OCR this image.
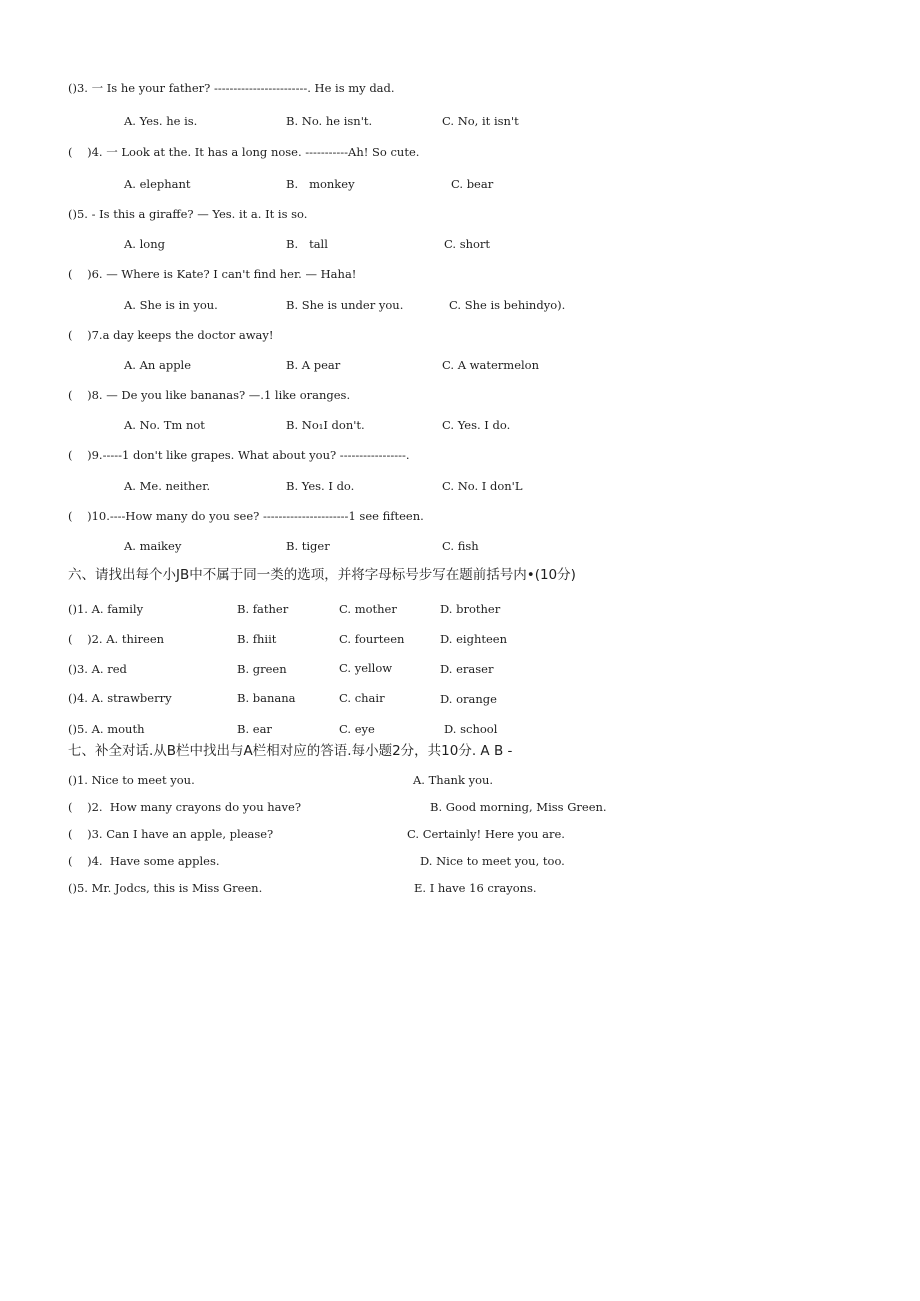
()3. 一 Is he your father? ------------------------. He is my dad.
A. Yes. he is.	B. No. he isn't.	C. No, it isn't
(    )4. 一 Look at the. It has a long nose. -----------Ah! So cute.
A. elephant	B.   monkey	C. bear
()5. - Is this a giraffe? — Yes. it a. It is so.
A. long	B.   tall	C. short
(    )6. — Where is Kate? I can't find her. — Haha!
A. She is in you.	B. She is under you.	C. She is behindyo).
(    )7.a day keeps the doctor away!
A. An apple	B. A pear	C. A watermelon
(    )8. — De you like bananas? —.1 like oranges.
A. No. Tm not	B. No₁I don't.	C. Yes. I do.
(    )9.-----1 don't like grapes. What about you? -----------------.
A. Me. neither.	B. Yes. I do.	C. No. I don'L
(    )10.----How many do you see? ----------------------1 see fifteen.
A. maikey	B. tiger	C. fish
六、请找出每个小JB中不属于同一类的选项，并将字母标号步写在题前括号内•(10分)
()1. A. family	B. father	C. mother	D. brother
(    )2. A. thireen	B. fhiit	C. fourteen	D. eighteen
()3. A. red	B. green	C. yellow	D. eraser
()4. A. strawberry	B. banana	C. chair	D. orange
()5. A. mouth	B. ear	C. eye	D. school
七、补全对话.从B栏中找出与A栏相对应的答语.每小题2分，共10分. A B -
()1. Nice to meet you.	A. Thank you.
(    )2.  How many crayons do you have?	B. Good morning, Miss Green.
(    )3. Can I have an apple, please?	C. Certainly! Here you are.
(    )4.  Have some apples.	D. Nice to meet you, too.
()5. Mr. Jodcs, this is Miss Green.	E. I have 16 crayons.
